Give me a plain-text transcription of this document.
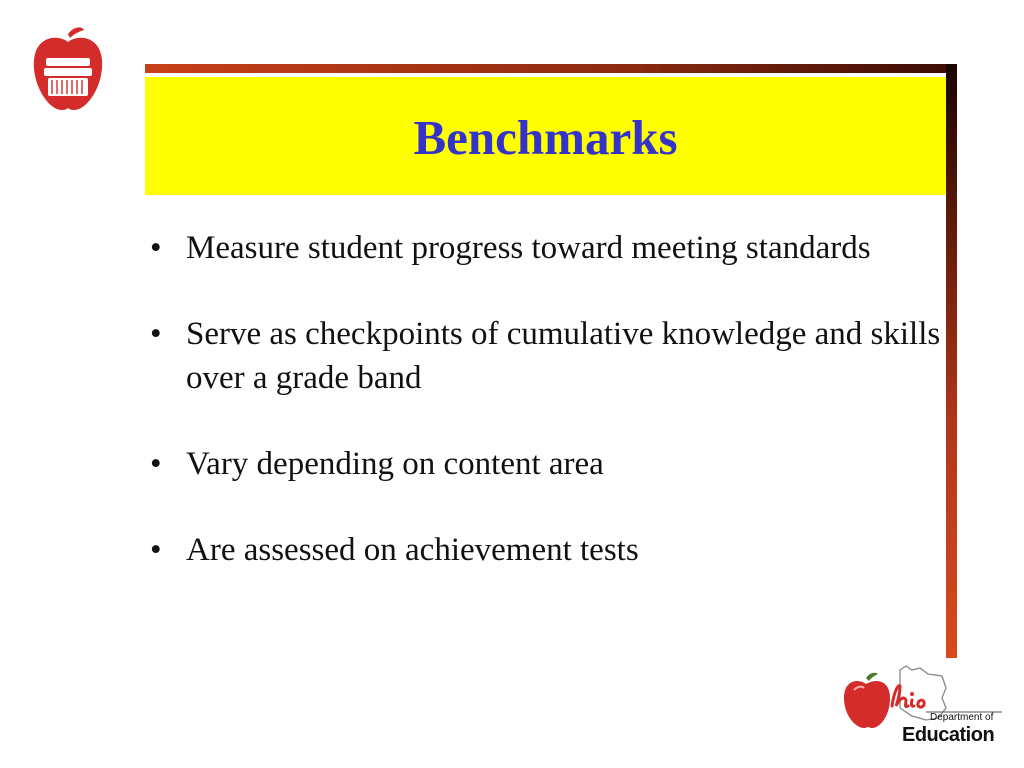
Benchmarks
• Measure student progress toward meeting standards
• Serve as checkpoints of cumulative knowledge and skills over a grade band
• Vary depending on content area
• Are assessed on achievement tests
Department of
Education
